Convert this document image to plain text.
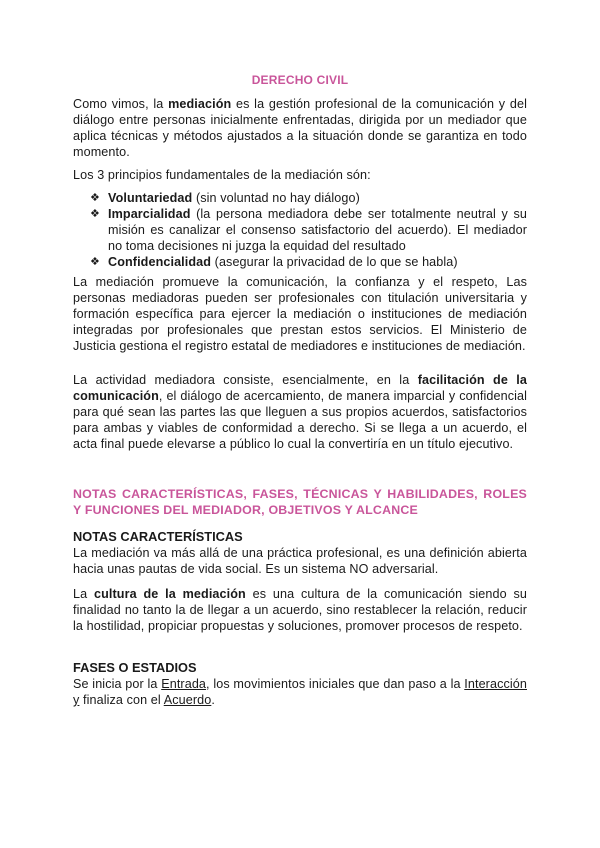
DERECHO CIVIL

Como vimos, la mediación es la gestión profesional de la comunicación y del diálogo entre personas inicialmente enfrentadas, dirigida por un mediador que aplica técnicas y métodos ajustados a la situación donde se garantiza en todo momento.

Los 3 principios fundamentales de la mediación són:

❖ Voluntariedad (sin voluntad no hay diálogo)
❖ Imparcialidad (la persona mediadora debe ser totalmente neutral y su misión es canalizar el consenso satisfactorio del acuerdo). El mediador no toma decisiones ni juzga la equidad del resultado
❖ Confidencialidad (asegurar la privacidad de lo que se habla)

La mediación promueve la comunicación, la confianza y el respeto, Las personas mediadoras pueden ser profesionales con titulación universitaria y formación específica para ejercer la mediación o instituciones de mediación integradas por profesionales que prestan estos servicios. El Ministerio de Justicia gestiona el registro estatal de mediadores e instituciones de mediación.

La actividad mediadora consiste, esencialmente, en la facilitación de la comunicación, el diálogo de acercamiento, de manera imparcial y confidencial para qué sean las partes las que lleguen a sus propios acuerdos, satisfactorios para ambas y viables de conformidad a derecho. Si se llega a un acuerdo, el acta final puede elevarse a público lo cual la convertiría en un título ejecutivo.

NOTAS CARACTERÍSTICAS, FASES, TÉCNICAS Y HABILIDADES, ROLES Y FUNCIONES DEL MEDIADOR, OBJETIVOS Y ALCANCE

NOTAS CARACTERÍSTICAS

La mediación va más allá de una práctica profesional, es una definición abierta hacia unas pautas de vida social. Es un sistema NO adversarial.

La cultura de la mediación es una cultura de la comunicación siendo su finalidad no tanto la de llegar a un acuerdo, sino restablecer la relación, reducir la hostilidad, propiciar propuestas y soluciones, promover procesos de respeto.

FASES O ESTADIOS

Se inicia por la Entrada, los movimientos iniciales que dan paso a la Interacción y finaliza con el Acuerdo.
